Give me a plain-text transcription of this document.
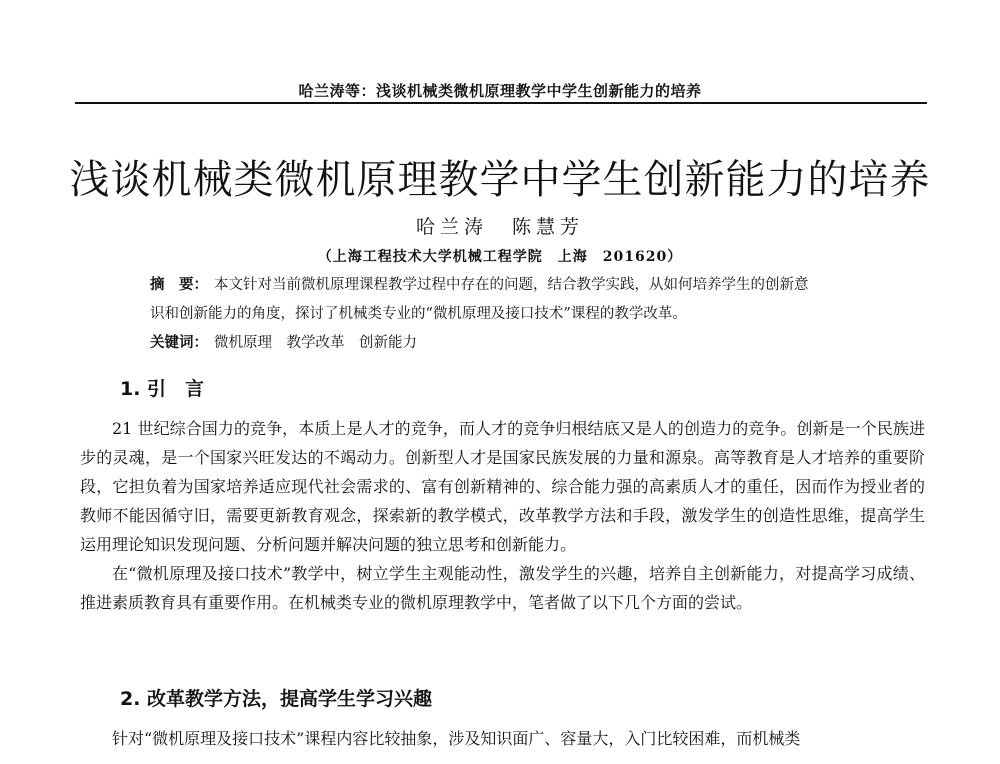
哈兰涛等：浅谈机械类微机原理教学中学生创新能力的培养
浅谈机械类微机原理教学中学生创新能力的培养
哈兰涛　陈慧芳
（上海工程技术大学机械工程学院　上海　201620）
摘　要： 本文针对当前微机原理课程教学过程中存在的问题，结合教学实践，从如何培养学生的创新意
识和创新能力的角度，探讨了机械类专业的“微机原理及接口技术”课程的教学改革。
关键词： 微机原理　教学改革　创新能力
1. 引　言

21 世纪综合国力的竞争，本质上是人才的竞争，而人才的竞争归根结底又是人的创造力的竞争。创新是一个民族进步的灵魂，是一个国家兴旺发达的不竭动力。创新型人才是国家民族发展的力量和源泉。高等教育是人才培养的重要阶段，它担负着为国家培养适应现代社会需求的、富有创新精神的、综合能力强的高素质人才的重任，因而作为授业者的教师不能因循守旧，需要更新教育观念，探索新的教学模式，改革教学方法和手段，激发学生的创造性思维，提高学生运用理论知识发现问题、分析问题并解决问题的独立思考和创新能力。

在“微机原理及接口技术”教学中，树立学生主观能动性，激发学生的兴趣，培养自主创新能力，对提高学习成绩、推进素质教育具有重要作用。在机械类专业的微机原理教学中，笔者做了以下几个方面的尝试。

2. 改革教学方法，提高学生学习兴趣

针对“微机原理及接口技术”课程内容比较抽象，涉及知识面广、容量大，入门比较困难，而机械类
